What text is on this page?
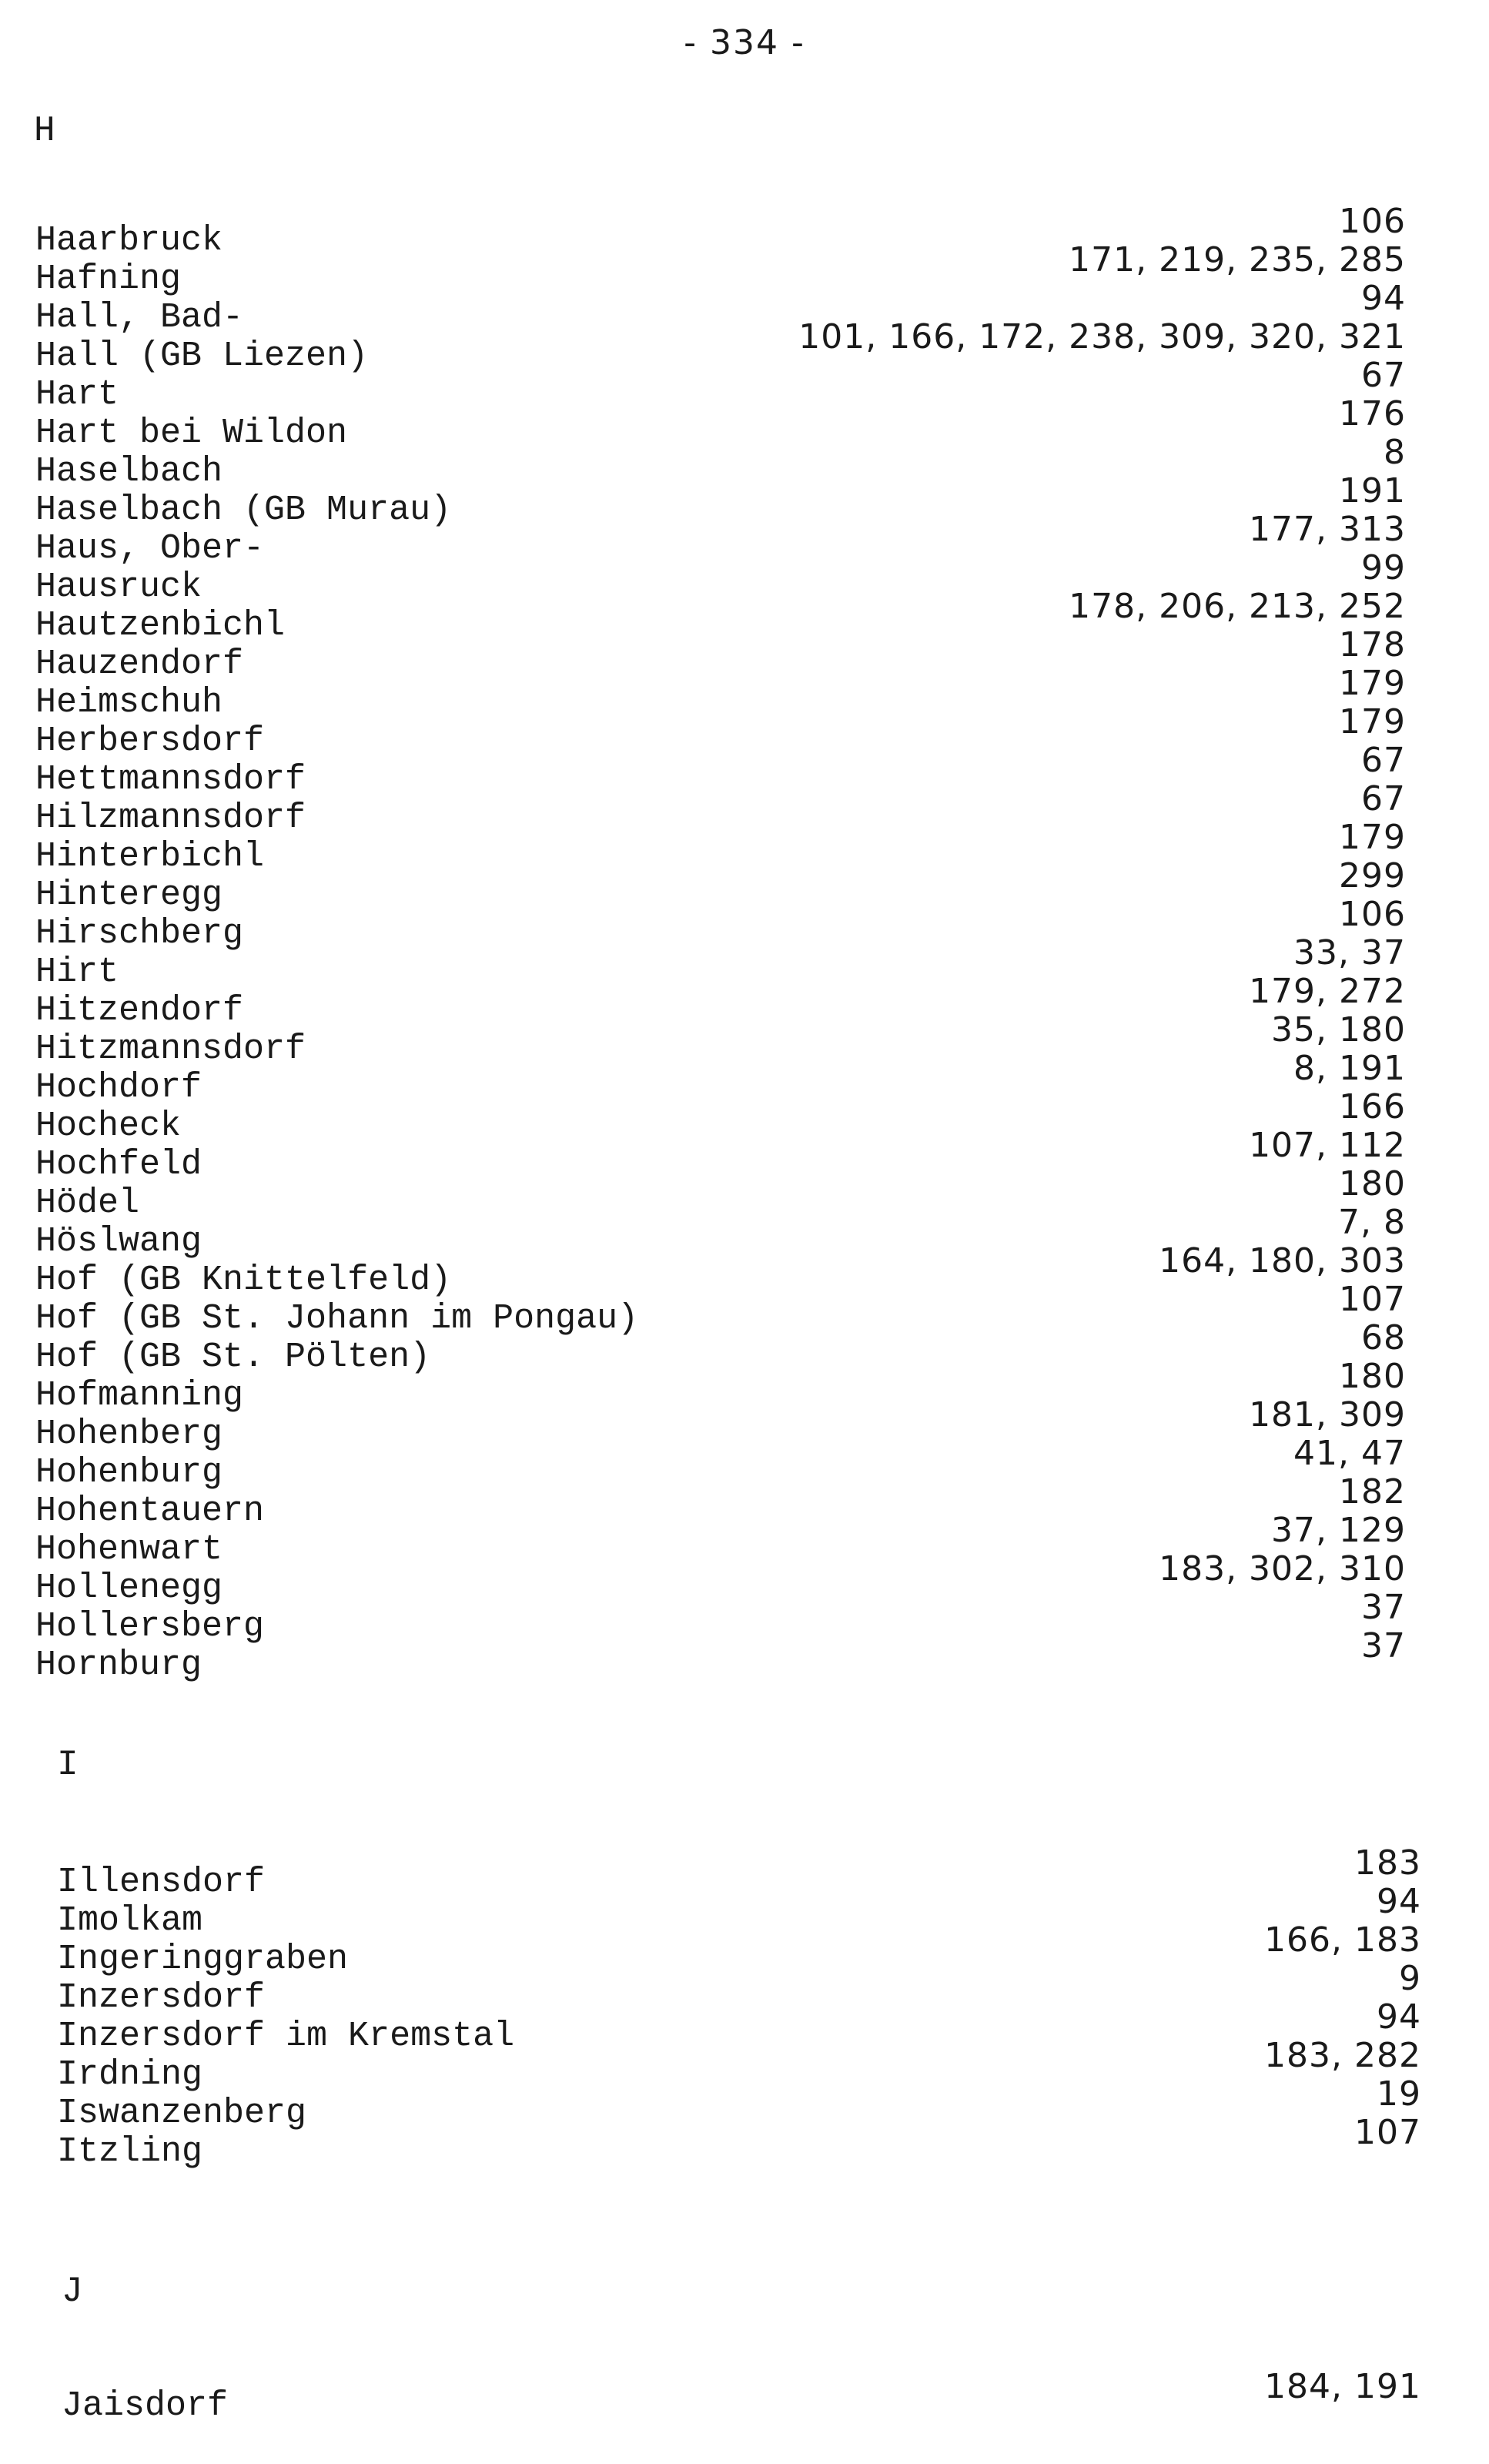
- 334 -
H
Haarbruck	106
Hafning	171, 219, 235, 285
Hall, Bad-	94
Hall (GB Liezen)	101, 166, 172, 238, 309, 320, 321
Hart	67
Hart bei Wildon	176
Haselbach	8
Haselbach (GB Murau)	191
Haus, Ober-	177, 313
Hausruck	99
Hautzenbichl	178, 206, 213, 252
Hauzendorf	178
Heimschuh	179
Herbersdorf	179
Hettmannsdorf	67
Hilzmannsdorf	67
Hinterbichl	179
Hinteregg	299
Hirschberg	106
Hirt	33, 37
Hitzendorf	179, 272
Hitzmannsdorf	35, 180
Hochdorf	8, 191
Hocheck	166
Hochfeld	107, 112
Hödel	180
Höslwang	7, 8
Hof (GB Knittelfeld)	164, 180, 303
Hof (GB St. Johann im Pongau)	107
Hof (GB St. Pölten)	68
Hofmanning	180
Hohenberg	181, 309
Hohenburg	41, 47
Hohentauern	182
Hohenwart	37, 129
Hollenegg	183, 302, 310
Hollersberg	37
Hornburg	37
I
Illensdorf	183
Imolkam	94
Ingeringgraben	166, 183
Inzersdorf	9
Inzersdorf im Kremstal	94
Irdning	183, 282
Iswanzenberg	19
Itzling	107
J
Jaisdorf	184, 191
